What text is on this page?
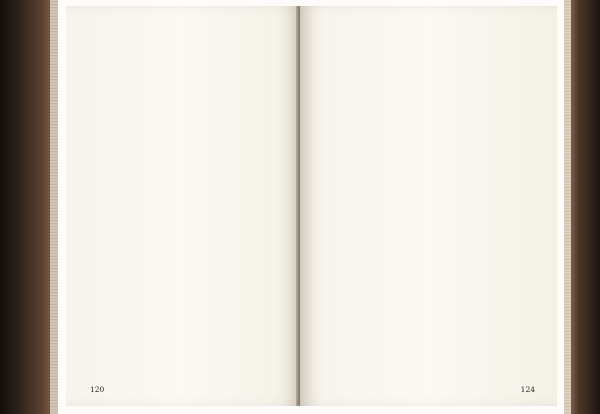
120	124
